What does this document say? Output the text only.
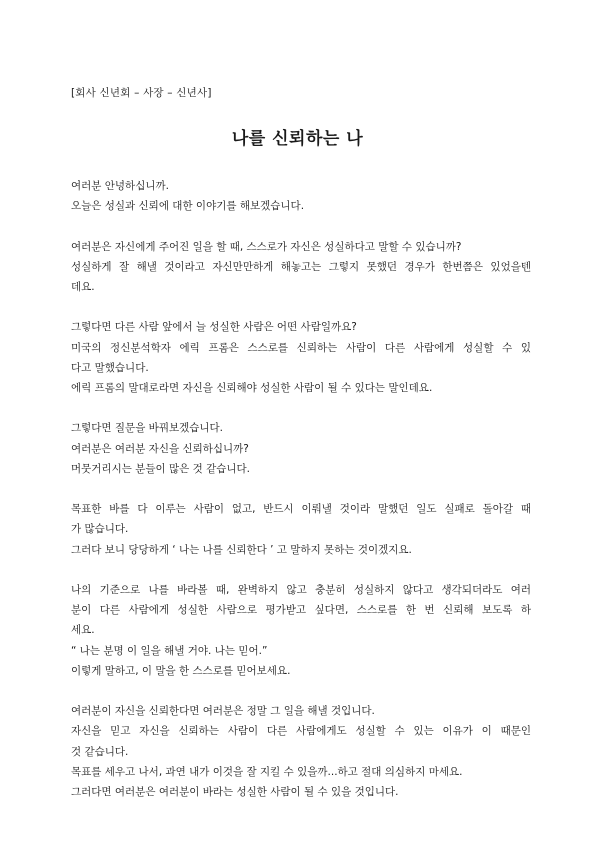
[회사 신년회 – 사장 – 신년사]
나를 신뢰하는 나
여러분 안녕하십니까.
오늘은 성실과 신뢰에 대한 이야기를 해보겠습니다.
여러분은 자신에게 주어진 일을 할 때, 스스로가 자신은 성실하다고 말할 수 있습니까?
성실하게 잘 해낼 것이라고 자신만만하게 해놓고는 그렇지 못했던 경우가 한번쯤은 있었을텐
데요.
그렇다면 다른 사람 앞에서 늘 성실한 사람은 어떤 사람일까요?
미국의 정신분석학자 에릭 프롬은 스스로를 신뢰하는 사람이 다른 사람에게 성실할 수 있
다고 말했습니다.
에릭 프롬의 말대로라면 자신을 신뢰해야 성실한 사람이 될 수 있다는 말인데요.
그렇다면 질문을 바꿔보겠습니다.
여러분은 여러분 자신을 신뢰하십니까?
머뭇거리시는 분들이 많은 것 같습니다.
목표한 바를 다 이루는 사람이 없고, 반드시 이뤄낼 것이라 말했던 일도 실패로 돌아갈 때
가 많습니다.
그러다 보니 당당하게 ‘ 나는 나를 신뢰한다 ’ 고 말하지 못하는 것이겠지요.
나의 기준으로 나를 바라볼 때, 완벽하지 않고 충분히 성실하지 않다고 생각되더라도 여러
분이 다른 사람에게 성실한 사람으로 평가받고 싶다면, 스스로를 한 번 신뢰해 보도록 하
세요.
“ 나는 분명 이 일을 해낼 거야. 나는 믿어.”
이렇게 말하고, 이 말을 한 스스로를 믿어보세요.
여러분이 자신을 신뢰한다면 여러분은 정말 그 일을 해낼 것입니다.
자신을 믿고 자신을 신뢰하는 사람이 다른 사람에게도 성실할 수 있는 이유가 이 때문인
것 같습니다.
목표를 세우고 나서, 과연 내가 이것을 잘 지킬 수 있을까...하고 절대 의심하지 마세요.
그러다면 여러분은 여러분이 바라는 성실한 사람이 될 수 있을 것입니다.
